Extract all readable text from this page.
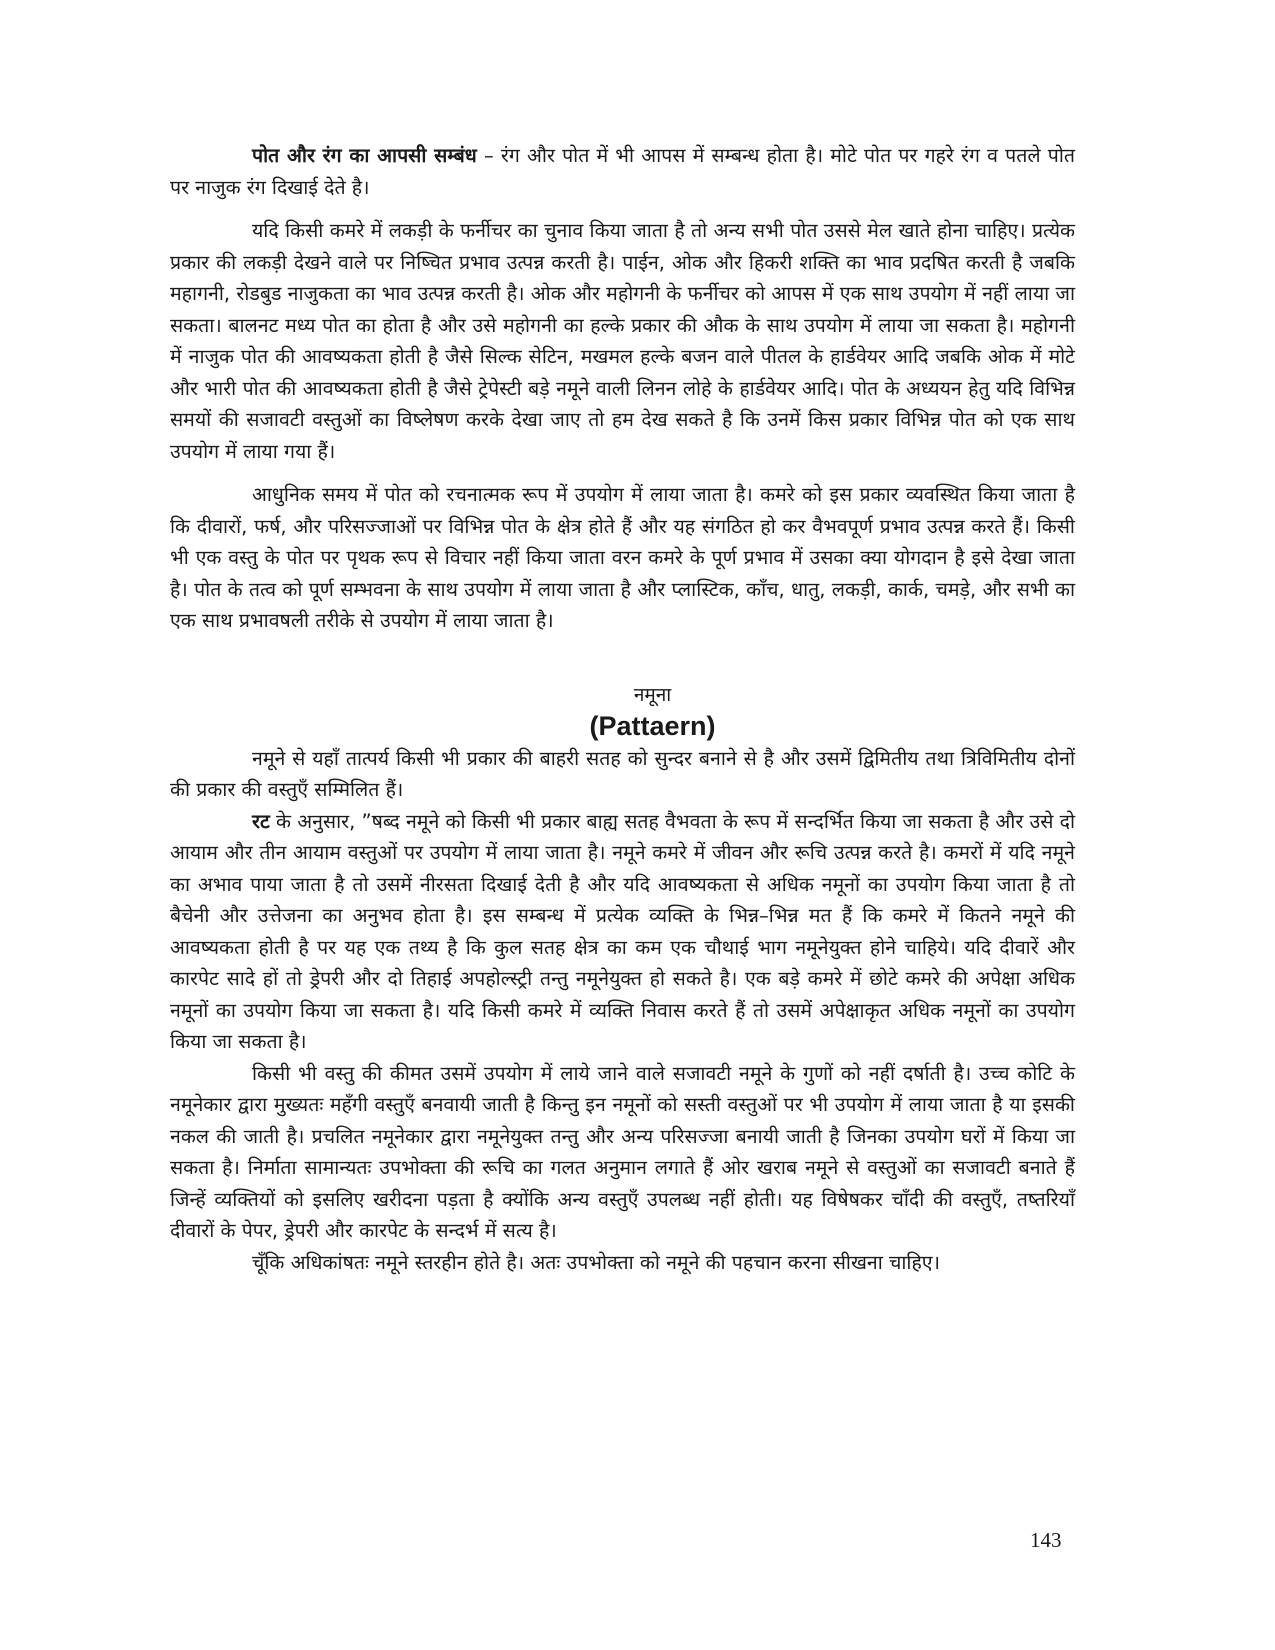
पोत और रंग का आपसी सम्बंध – रंग और पोत में भी आपस में सम्बन्ध होता है। मोटे पोत पर गहरे रंग व पतले पोत पर नाजुक रंग दिखाई देते है।

यदि किसी कमरे में लकड़ी के फर्नीचर का चुनाव किया जाता है तो अन्य सभी पोत उससे मेल खाते होना चाहिए। प्रत्येक प्रकार की लकड़ी देखने वाले पर निष्चित प्रभाव उत्पन्न करती है। पाईन, ओक और हिकरी शक्ति का भाव प्रदषित करती है जबकि महागनी, रोडबुड नाजुकता का भाव उत्पन्न करती है। ओक और महोगनी के फर्नीचर को आपस में एक साथ उपयोग में नहीं लाया जा सकता। बालनट मध्य पोत का होता है और उसे महोगनी का हल्के प्रकार की औक के साथ उपयोग में लाया जा सकता है। महोगनी में नाजुक पोत की आवष्यकता होती है जैसे सिल्क सेटिन, मखमल हल्के बजन वाले पीतल के हार्डवेयर आदि जबकि ओक में मोटे और भारी पोत की आवष्यकता होती है जैसे ट्रेपेस्टी बड़े नमूने वाली लिनन लोहे के हार्डवेयर आदि। पोत के अध्ययन हेतु यदि विभिन्न समयों की सजावटी वस्तुओं का विष्लेषण करके देखा जाए तो हम देख सकते है कि उनमें किस प्रकार विभिन्न पोत को एक साथ उपयोग में लाया गया हैं।

आधुनिक समय में पोत को रचनात्मक रूप में उपयोग में लाया जाता है। कमरे को इस प्रकार व्यवस्थित किया जाता है कि दीवारों, फर्ष, और परिसज्जाओं पर विभिन्न पोत के क्षेत्र होते हैं और यह संगठित हो कर वैभवपूर्ण प्रभाव उत्पन्न करते हैं। किसी भी एक वस्तु के पोत पर पृथक रूप से विचार नहीं किया जाता वरन कमरे के पूर्ण प्रभाव में उसका क्या योगदान है इसे देखा जाता है। पोत के तत्व को पूर्ण सम्भवना के साथ उपयोग में लाया जाता है और प्लास्टिक, काँच, धातु, लकड़ी, कार्क, चमड़े, और सभी का एक साथ प्रभावषली तरीके से उपयोग में लाया जाता है।

नमूना
(Pattaern)

नमूने से यहाँ तात्पर्य किसी भी प्रकार की बाहरी सतह को सुन्दर बनाने से है और उसमें द्विमितीय तथा त्रिविमितीय दोनों की प्रकार की वस्तुएँ सम्मिलित हैं।

रट के अनुसार, ”षब्द नमूने को किसी भी प्रकार बाह्य सतह वैभवता के रूप में सन्दर्भित किया जा सकता है और उसे दो आयाम और तीन आयाम वस्तुओं पर उपयोग में लाया जाता है। नमूने कमरे में जीवन और रूचि उत्पन्न करते है। कमरों में यदि नमूने का अभाव पाया जाता है तो उसमें नीरसता दिखाई देती है और यदि आवष्यकता से अधिक नमूनों का उपयोग किया जाता है तो बैचेनी और उत्तेजना का अनुभव होता है। इस सम्बन्ध में प्रत्येक व्यक्ति के भिन्न–भिन्न मत हैं कि कमरे में कितने नमूने की आवष्यकता होती है पर यह एक तथ्य है कि कुल सतह क्षेत्र का कम एक चौथाई भाग नमूनेयुक्त होने चाहिये। यदि दीवारें और कारपेट सादे हों तो ड्रेपरी और दो तिहाई अपहोल्स्ट्री तन्तु नमूनेयुक्त हो सकते है। एक बड़े कमरे में छोटे कमरे की अपेक्षा अधिक नमूनों का उपयोग किया जा सकता है। यदि किसी कमरे में व्यक्ति निवास करते हैं तो उसमें अपेक्षाकृत अधिक नमूनों का उपयोग किया जा सकता है।

किसी भी वस्तु की कीमत उसमें उपयोग में लाये जाने वाले सजावटी नमूने के गुणों को नहीं दर्षाती है। उच्च कोटि के नमूनेकार द्वारा मुख्यतः महँगी वस्तुएँ बनवायी जाती है किन्तु इन नमूनों को सस्ती वस्तुओं पर भी उपयोग में लाया जाता है या इसकी नकल की जाती है। प्रचलित नमूनेकार द्वारा नमूनेयुक्त तन्तु और अन्य परिसज्जा बनायी जाती है जिनका उपयोग घरों में किया जा सकता है। निर्माता सामान्यतः उपभोक्ता की रूचि का गलत अनुमान लगाते हैं ओर खराब नमूने से वस्तुओं का सजावटी बनाते हैं जिन्हें व्यक्तियों को इसलिए खरीदना पड़ता है क्योंकि अन्य वस्तुएँ उपलब्ध नहीं होती। यह विषेषकर चाँदी की वस्तुएँ, तष्तरियाँ दीवारों के पेपर, ड्रेपरी और कारपेट के सन्दर्भ में सत्य है।

चूँकि अधिकांषतः नमूने स्तरहीन होते है। अतः उपभोक्ता को नमूने की पहचान करना सीखना चाहिए।

143
